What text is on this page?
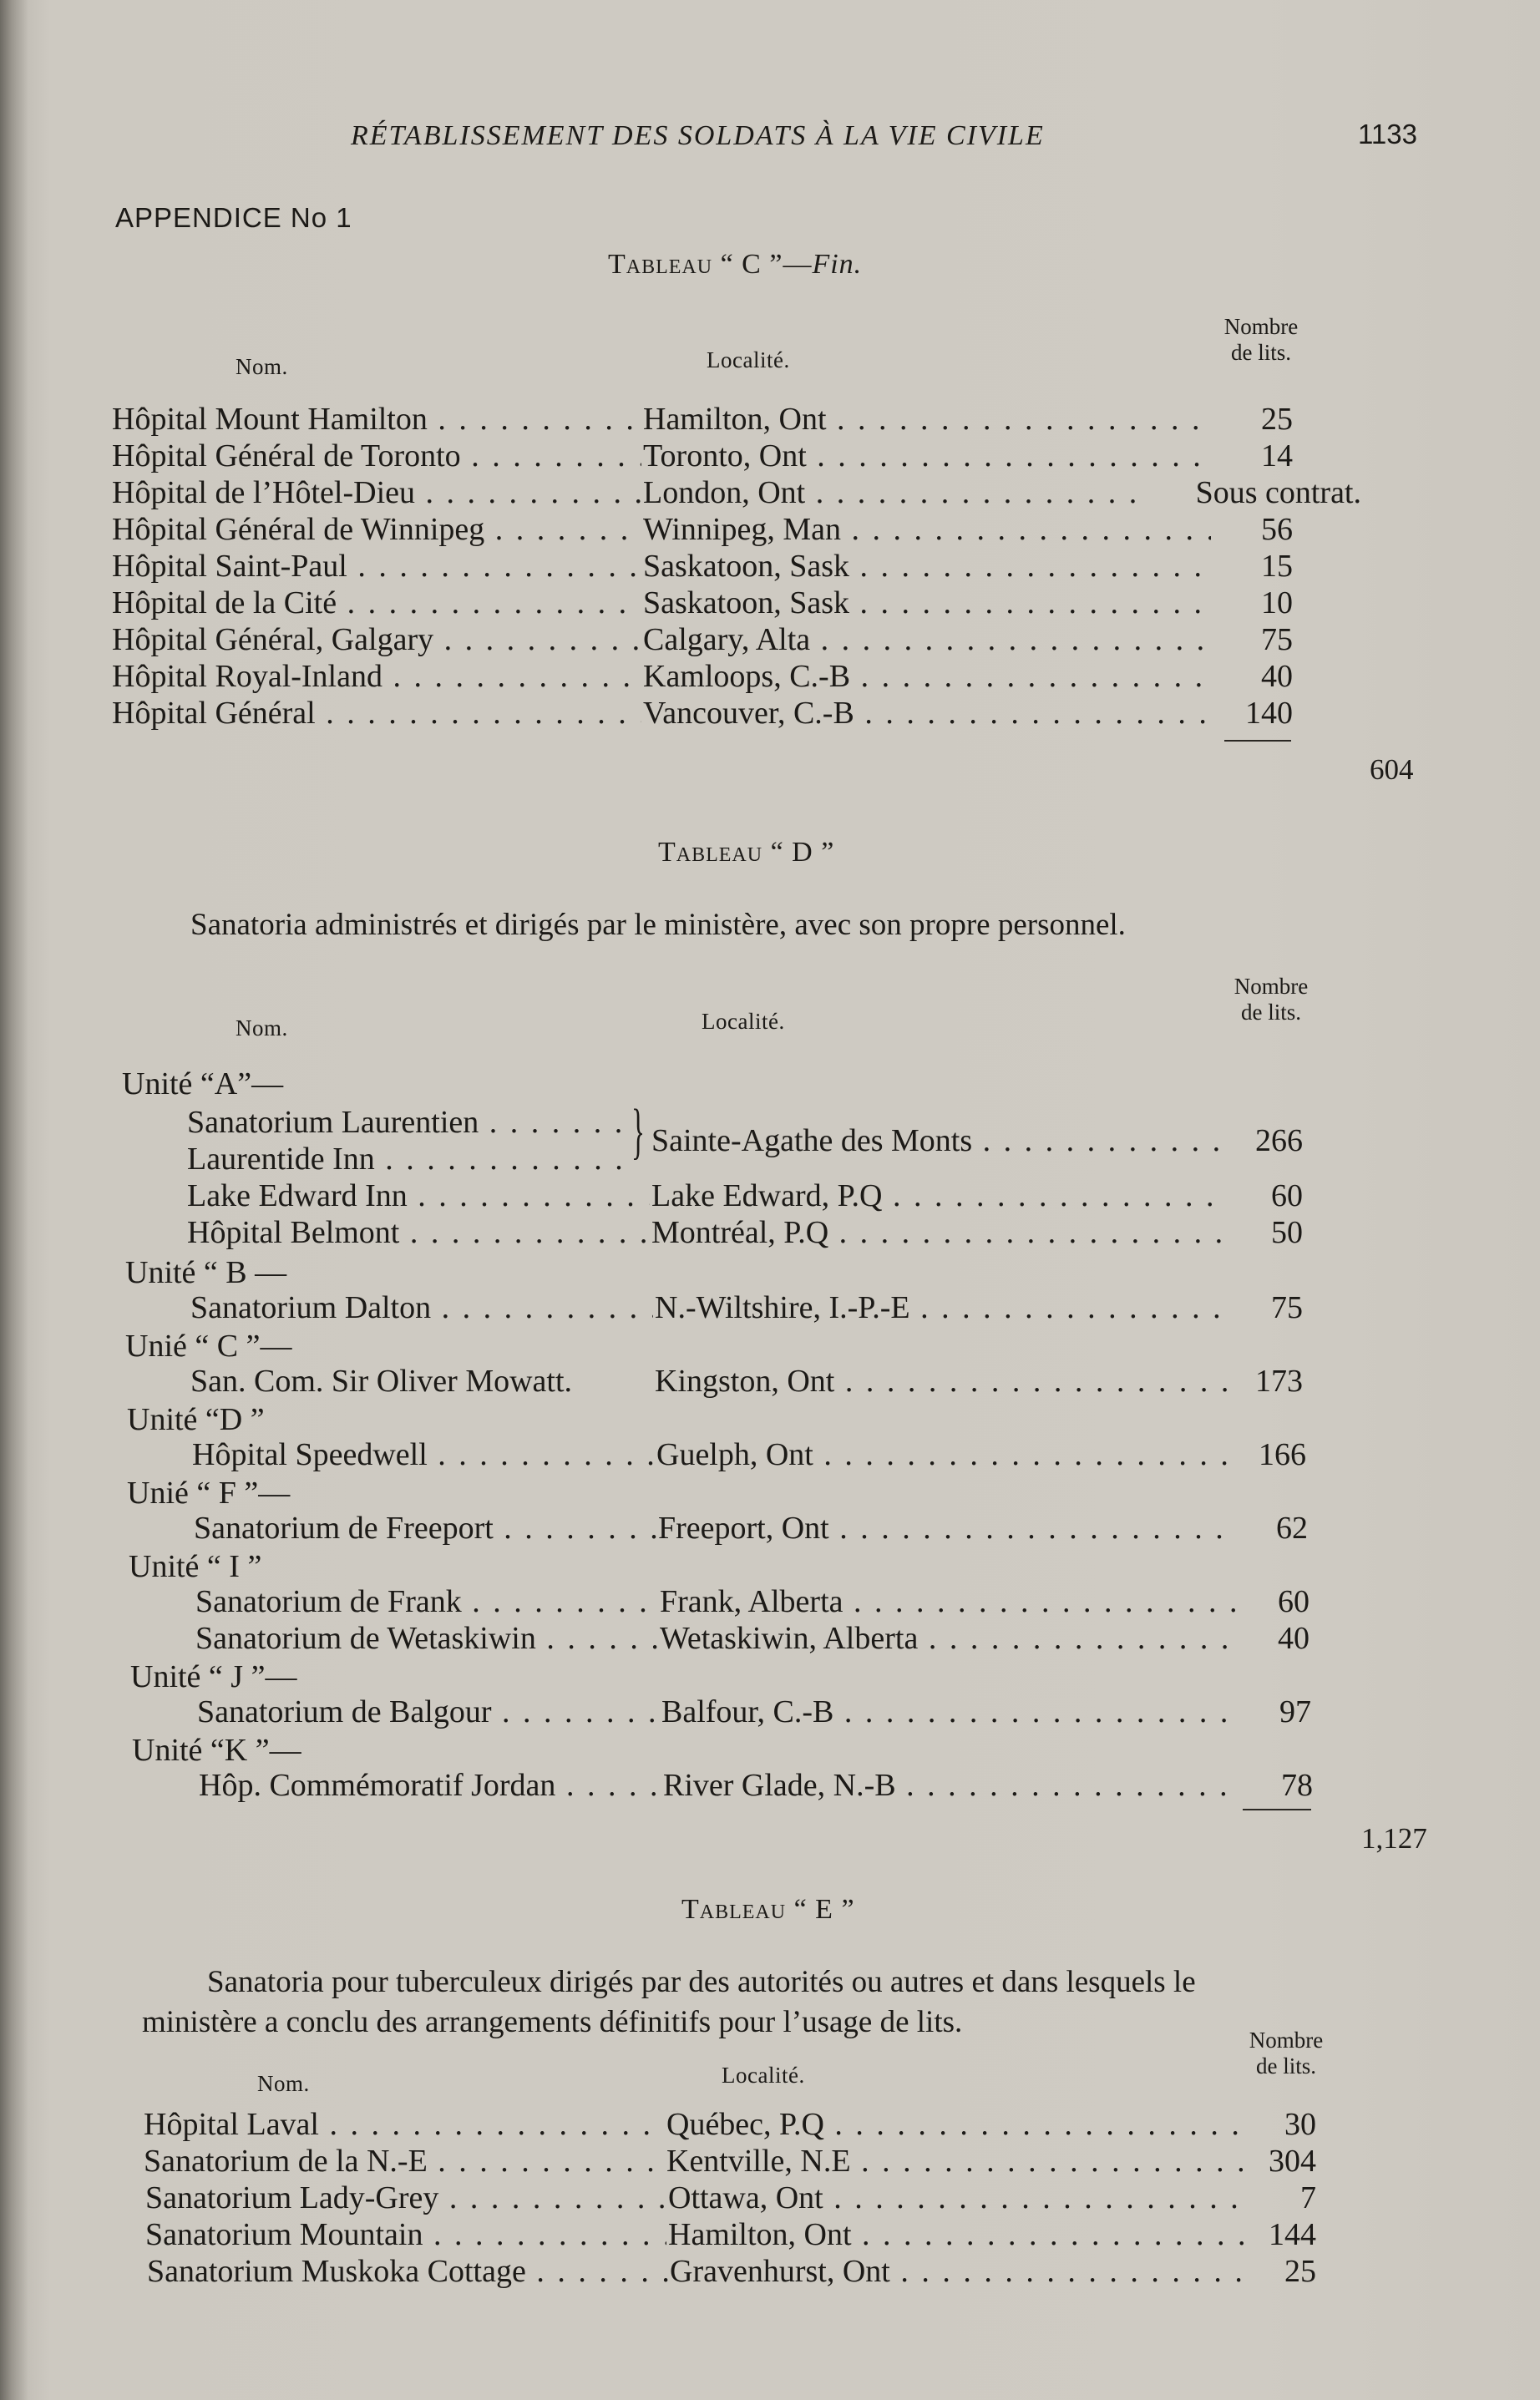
RÉTABLISSEMENT DES SOLDATS À LA VIE CIVILE	1133
APPENDICE No 1
Tableau “ C ”—Fin.
Nom.	Localité.
Nombre
de lits.
Hôpital Mount Hamilton . . .	Hamilton, Ont . . .	25
Hôpital Général de Toronto . . .	Toronto, Ont . . .	14
Hôpital de l’Hôtel-Dieu . . .	London, Ont . . .	Sous contrat.
Hôpital Général de Winnipeg . . .	Winnipeg, Man . . .	56
Hôpital Saint-Paul . . .	Saskatoon, Sask . . .	15
Hôpital de la Cité . . .	Saskatoon, Sask . . .	10
Hôpital Général, Galgary . . .	Calgary, Alta . . .	75
Hôpital Royal-Inland . . .	Kamloops, C.-B . . .	40
Hôpital Général . . .	Vancouver, C.-B . . .	140
604
Tableau “ D ”
Sanatoria administrés et dirigés par le ministère, avec son propre personnel.
Nom.	Localité.
Nombre
de lits.
Unité “A”—
Sanatorium Laurentien . . .
Laurentide Inn . . .	} Sainte-Agathe des Monts . . .	266
Lake Edward Inn . . .	Lake Edward, P.Q . . .	60
Hôpital Belmont . . .	Montréal, P.Q . . .	50
Unité “ B —
Sanatorium Dalton . . .	N.-Wiltshire, I.-P.-E . . .	75
Unié “ C ”—
San. Com. Sir Oliver Mowatt.	Kingston, Ont . . .	173
Unité “D ”
Hôpital Speedwell . . .	Guelph, Ont . . .	166
Unié “ F ”—
Sanatorium de Freeport . . .	Freeport, Ont . . .	62
Unité “ I ”
Sanatorium de Frank . . .	Frank, Alberta . . .	60
Sanatorium de Wetaskiwin . . .	Wetaskiwin, Alberta . . .	40
Unité “ J ”—
Sanatorium de Balgour . . .	Balfour, C.-B . . .	97
Unité “K ”—
Hôp. Commémoratif Jordan . . .	River Glade, N.-B . . .	78
1,127
Tableau “ E ”
Sanatoria pour tuberculeux dirigés par des autorités ou autres et dans lesquels le
ministère a conclu des arrangements définitifs pour l’usage de lits.
Nom.	Localité.
Nombre
de lits.
Hôpital Laval . . .	Québec, P.Q . . .	30
Sanatorium de la N.-E . . .	Kentville, N.E . . .	304
Sanatorium Lady-Grey . . .	Ottawa, Ont . . .	7
Sanatorium Mountain . . .	Hamilton, Ont . . .	144
Sanatorium Muskoka Cottage . . .	Gravenhurst, Ont . . .	25
